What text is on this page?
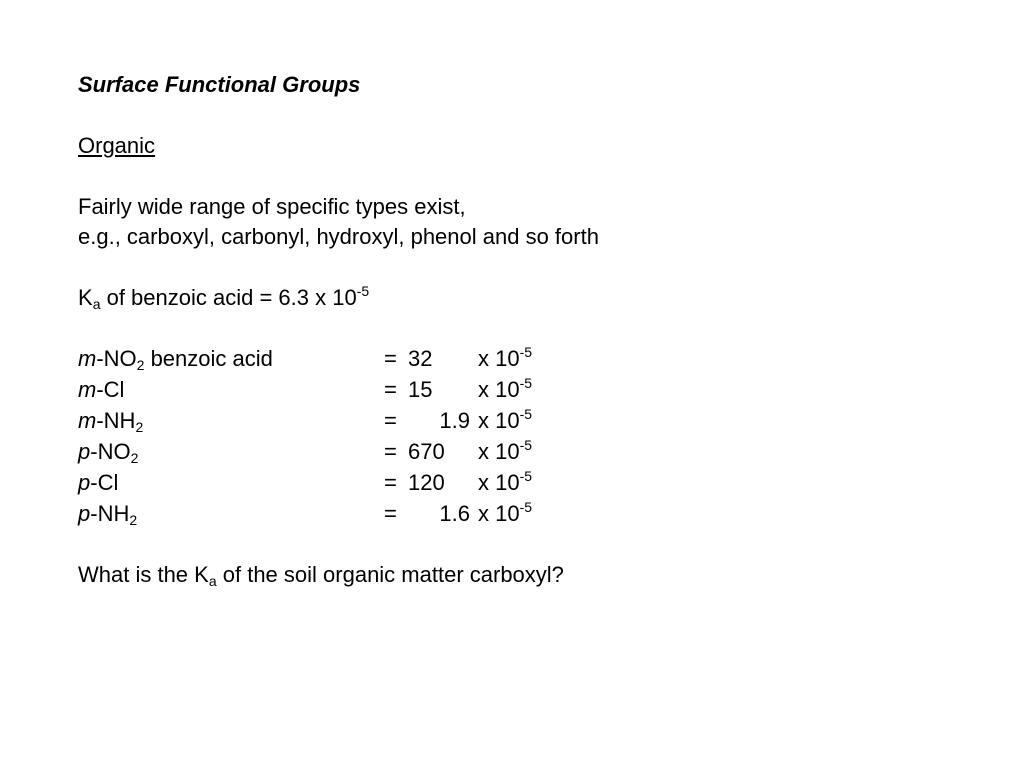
Surface Functional Groups
Organic
Fairly wide range of specific types exist,
e.g., carboxyl, carbonyl, hydroxyl, phenol and so forth
$K_a$ of benzoic acid = 6.3 x $10^{-5}$
$m-NO_2$ benzoic acid	= 32	x $10^{-5}$
m-Cl	= 15	x $10^{-5}$
$m-NH_2$	=	1.9 x $10^{-5}$
$p-NO_2$	= 670	x $10^{-5}$
p-Cl	= 120	x $10^{-5}$
$p-NH_2$	=	1.6 x $10^{-5}$
What is the $K_a$ of the soil organic matter carboxyl?
